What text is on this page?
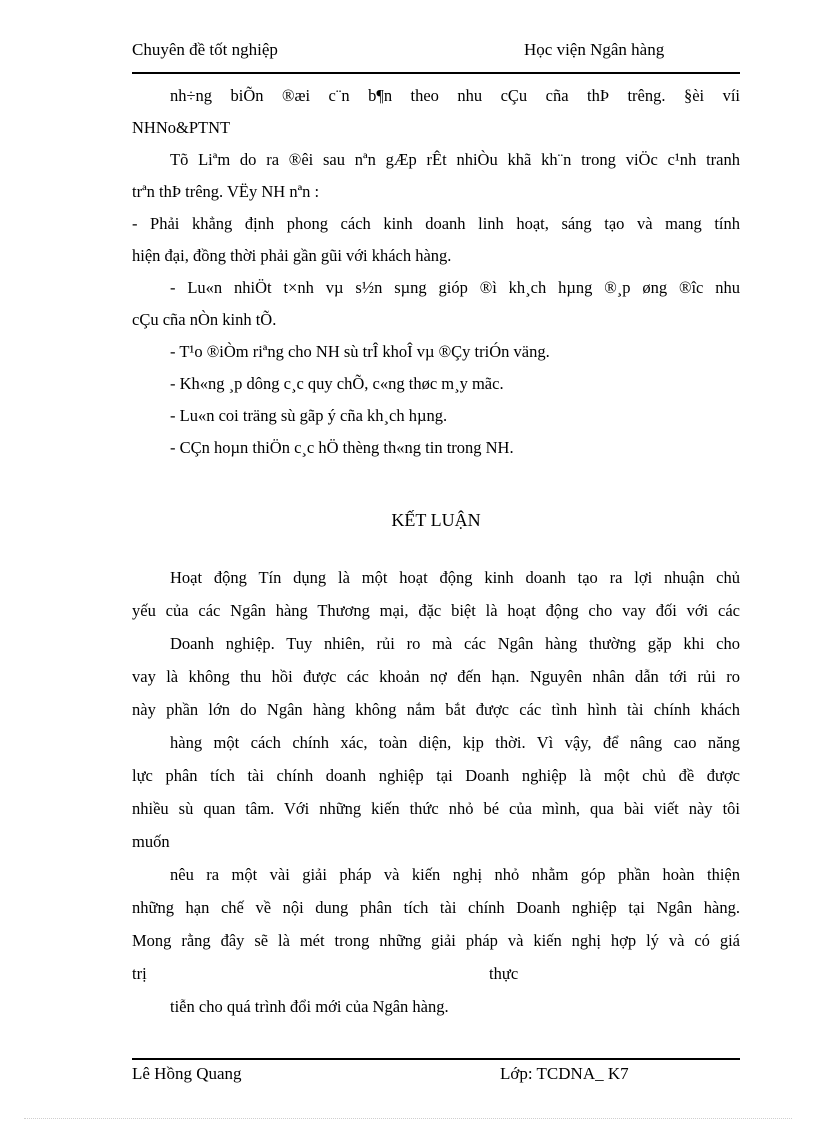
Chuyên đề tốt nghiệp	Học viện Ngân hàng
nh÷ng biÕn ®æi c¨n b¶n theo nhu cÇu cña thÞ trêng. §èi víi
NHNo&PTNT
Tõ Liªm do ra ®êi sau nªn gÆp rÊt nhiÒu khã kh¨n trong viÖc c¹nh tranh
trªn thÞ trêng. VËy NH nªn :
- Phải khẳng định phong cách kinh doanh linh hoạt, sáng tạo và mang tính
hiện đại, đồng thời phải gần gũi với khách hàng.
- Lu«n nhiÖt t×nh vµ s½n sµng gióp ®ì kh¸ch hµng ®¸p øng ®îc nhu
cÇu cña nÒn kinh tÕ.
- T¹o ®iÒm riªng cho NH sù trÎ khoÎ vµ ®Çy triÓn väng.
- Kh«ng ¸p dông c¸c quy chÕ, c«ng thøc m¸y mãc.
- Lu«n coi träng sù gãp ý cña kh¸ch hµng.
- CÇn hoµn thiÖn c¸c hÖ thèng th«ng tin trong NH.
KẾT LUẬN
Hoạt động Tín dụng là một hoạt động kinh doanh tạo ra lợi nhuận chủ
yếu của các Ngân hàng Thương mại, đặc biệt là hoạt động cho vay đối với các
Doanh nghiệp. Tuy nhiên, rủi ro mà các Ngân hàng thường gặp khi cho
vay là không thu hồi được các khoản nợ đến hạn. Nguyên nhân dẫn tới rủi ro
này phần lớn do Ngân hàng không nắm bắt được các tình hình tài chính khách
hàng một cách chính xác, toàn diện, kịp thời. Vì vậy, để nâng cao năng
lực phân tích tài chính doanh nghiệp tại Doanh nghiệp là một chủ đề được
nhiều sù quan tâm. Với những kiến thức nhỏ bé của mình, qua bài viết này tôi
muốn
nêu ra một vài giải pháp và kiến nghị nhỏ nhằm góp phần hoàn thiện
những hạn chế về nội dung phân tích tài chính Doanh nghiệp tại Ngân hàng.
Mong rằng đây sẽ là mét trong những giải pháp và kiến nghị hợp lý và có giá
trị                                                                                   thực
tiễn cho quá trình đổi mới của Ngân hàng.
Lê Hồng Quang	Lớp: TCDNA_ K7
